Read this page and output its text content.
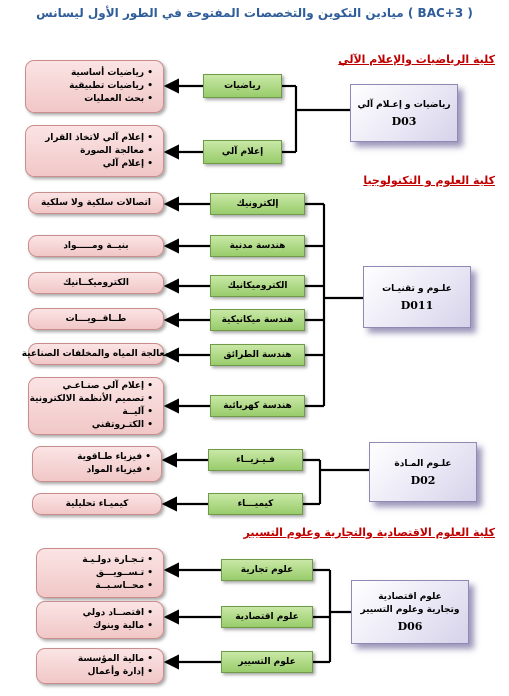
ميادين التكوين والتخصصات المفتوحة في الطور الأول ليسانس ( BAC+3 )
كلية الرياضيات والإعلام الآلي
رياضيات و إعـلام آلي
D03
رياضيات
إعلام آلي
• رياضيات أساسية
• رياضيات تطبيقية
• بحث العمليات
• إعلام آلي لاتخاذ القرار
• معالجة الصورة
• إعلام آلي
كلية العلوم و التكنولوجيا
علـوم و تقنيـات
D011
إلكترونيك
هندسة مدنية
الكتروميكانيك
هندسة ميكانيكية
هندسة الطرائق
هندسة كهربائية
اتصالات سلكية ولا سلكية
بنيــة ومـــــواد
الكتروميكــانيك
طــاقــويـــات
معالجة المياه والمخلفات الصناعية
• إعلام آلي صنـاعـي
• تصميم الأنظمة الالكترونية
• آليــة
• الكتـروتقني
علـوم المـادة
D02
فـيـزيــاء
كيميـــاء
• فيزياء طـاقوية
• فيزياء المواد
كيميـاء تحليلية
كلية العلوم الاقتصادية والتجارية وعلوم التسيير
علوم اقتصادية
وتجارية وعلوم التسيير
D06
علوم تجارية
علوم اقتصادية
علوم التسيير
• تـجـارة دولـيـة
• تـســويـــق
• محــاسـبــة
• اقتصــاد دولي
• مالية وبنوك
• مالية المؤسسة
• إدارة وأعمال
